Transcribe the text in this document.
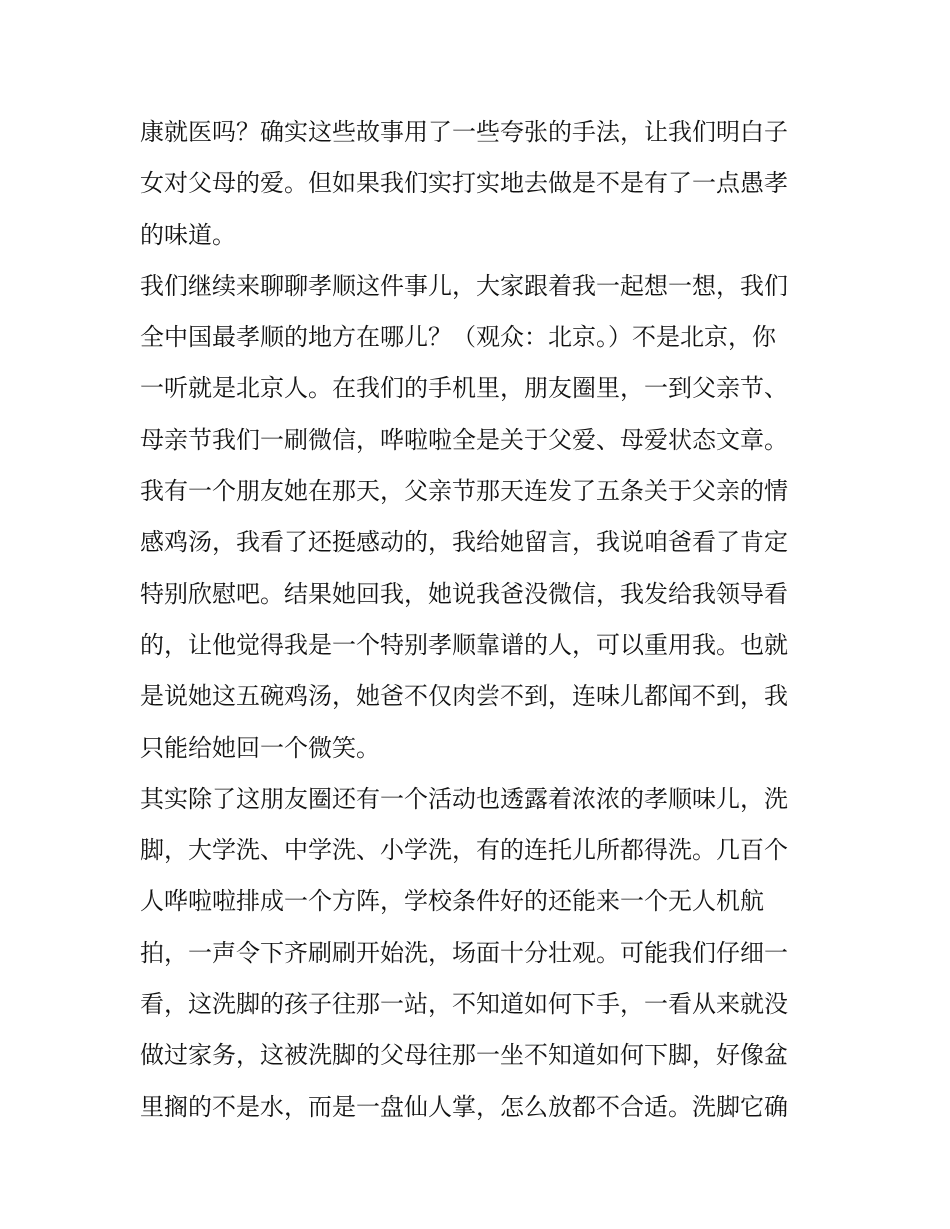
康就医吗？确实这些故事用了一些夸张的手法，让我们明白子
女对父母的爱。但如果我们实打实地去做是不是有了一点愚孝
的味道。
我们继续来聊聊孝顺这件事儿，大家跟着我一起想一想，我们
全中国最孝顺的地方在哪儿？（观众：北京。）不是北京，你
一听就是北京人。在我们的手机里，朋友圈里，一到父亲节、
母亲节我们一刷微信，哗啦啦全是关于父爱、母爱状态文章。
我有一个朋友她在那天，父亲节那天连发了五条关于父亲的情
感鸡汤，我看了还挺感动的，我给她留言，我说咱爸看了肯定
特别欣慰吧。结果她回我，她说我爸没微信，我发给我领导看
的，让他觉得我是一个特别孝顺靠谱的人，可以重用我。也就
是说她这五碗鸡汤，她爸不仅肉尝不到，连味儿都闻不到，我
只能给她回一个微笑。
其实除了这朋友圈还有一个活动也透露着浓浓的孝顺味儿，洗
脚，大学洗、中学洗、小学洗，有的连托儿所都得洗。几百个
人哗啦啦排成一个方阵，学校条件好的还能来一个无人机航
拍，一声令下齐刷刷开始洗，场面十分壮观。可能我们仔细一
看，这洗脚的孩子往那一站，不知道如何下手，一看从来就没
做过家务，这被洗脚的父母往那一坐不知道如何下脚，好像盆
里搁的不是水，而是一盘仙人掌，怎么放都不合适。洗脚它确
